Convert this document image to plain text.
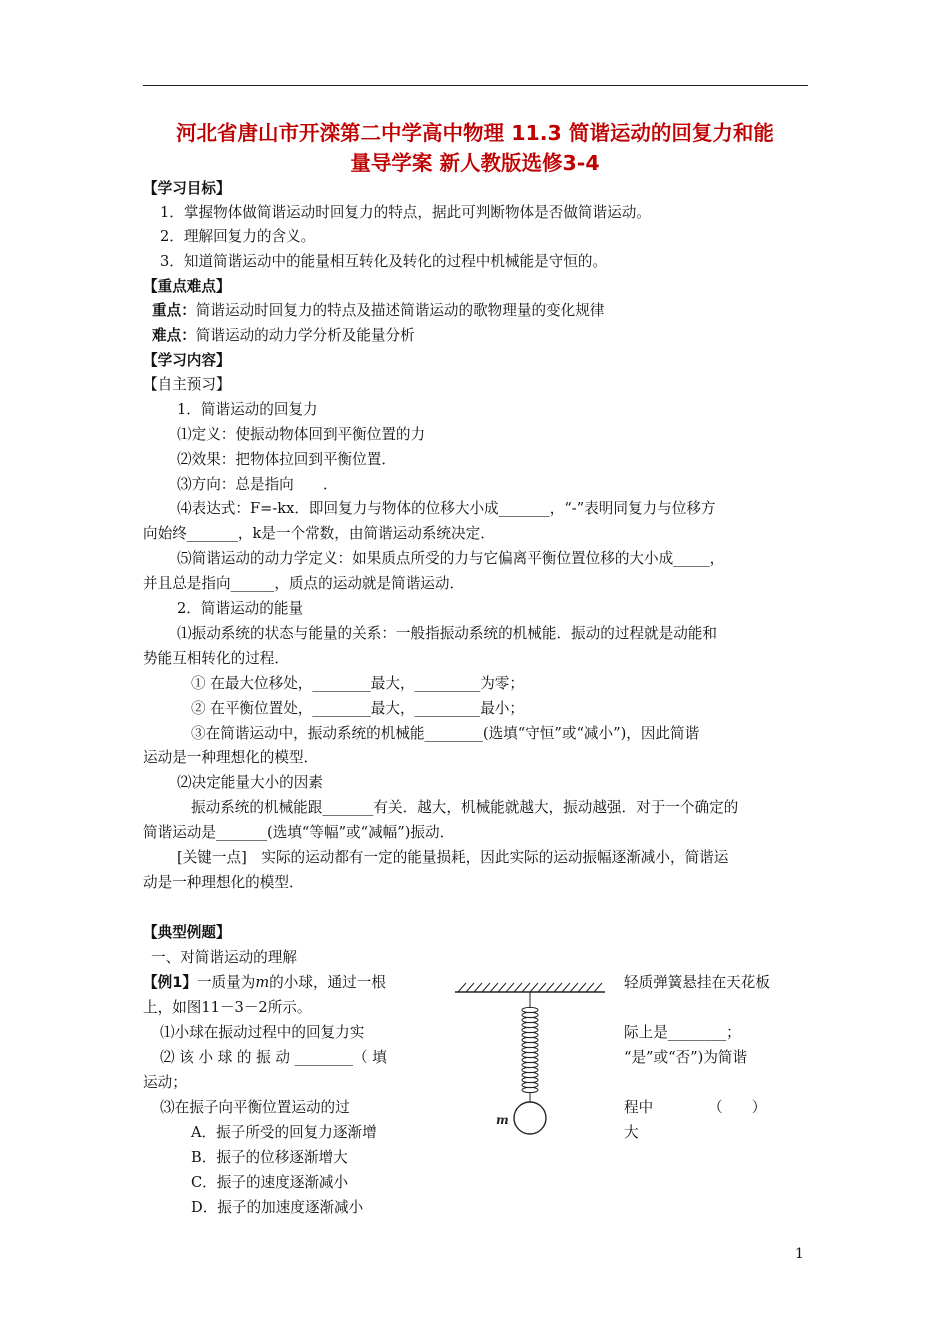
河北省唐山市开滦第二中学高中物理 11.3 简谐运动的回复力和能
量导学案 新人教版选修3-4
【学习目标】
1．掌握物体做简谐运动时回复力的特点，据此可判断物体是否做简谐运动。
2．理解回复力的含义。
3．知道简谐运动中的能量相互转化及转化的过程中机械能是守恒的。
【重点难点】
重点：简谐运动时回复力的特点及描述简谐运动的歌物理量的变化规律
难点：简谐运动的动力学分析及能量分析
【学习内容】
【自主预习】
1．简谐运动的回复力
⑴定义：使振动物体回到平衡位置的力
⑵效果：把物体拉回到平衡位置．
⑶方向：总是指向　　．
⑷表达式：F=-kx．即回复力与物体的位移大小成_______，“-”表明同复力与位移方
向始终_______，k是一个常数，由简谐运动系统决定．
⑸简谐运动的动力学定义：如果质点所受的力与它偏离平衡位置位移的大小成_____，
并且总是指向______，质点的运动就是简谐运动．
2．简谐运动的能量
⑴振动系统的状态与能量的关系：一般指振动系统的机械能．振动的过程就是动能和
势能互相转化的过程．
① 在最大位移处，________最大，_________为零；
② 在平衡位置处，________最大，_________最小；
③在简谐运动中，振动系统的机械能________(选填“守恒”或“减小”)，因此简谐
运动是一种理想化的模型．
⑵决定能量大小的因素
振动系统的机械能跟_______有关．越大，机械能就越大，振动越强．对于一个确定的
简谐运动是_______(选填“等幅”或“减幅”)振动．
[关键一点]　实际的运动都有一定的能量损耗，因此实际的运动振幅逐渐减小，简谐运
动是一种理想化的模型．
【典型例题】
一、对简谐运动的理解
【例1】一质量为m的小球，通过一根	轻质弹簧悬挂在天花板
上，如图11－3－2所示。
⑴小球在振动过程中的回复力实	际上是________；
⑵ 该 小 球 的 振 动 ________（ 填	“是”或“否”)为简谐
运动；
⑶在振子向平衡位置运动的过	程中	（　　）
A．振子所受的回复力逐渐增	大
B．振子的位移逐渐增大
C．振子的速度逐渐减小
D．振子的加速度逐渐减小
m
1
